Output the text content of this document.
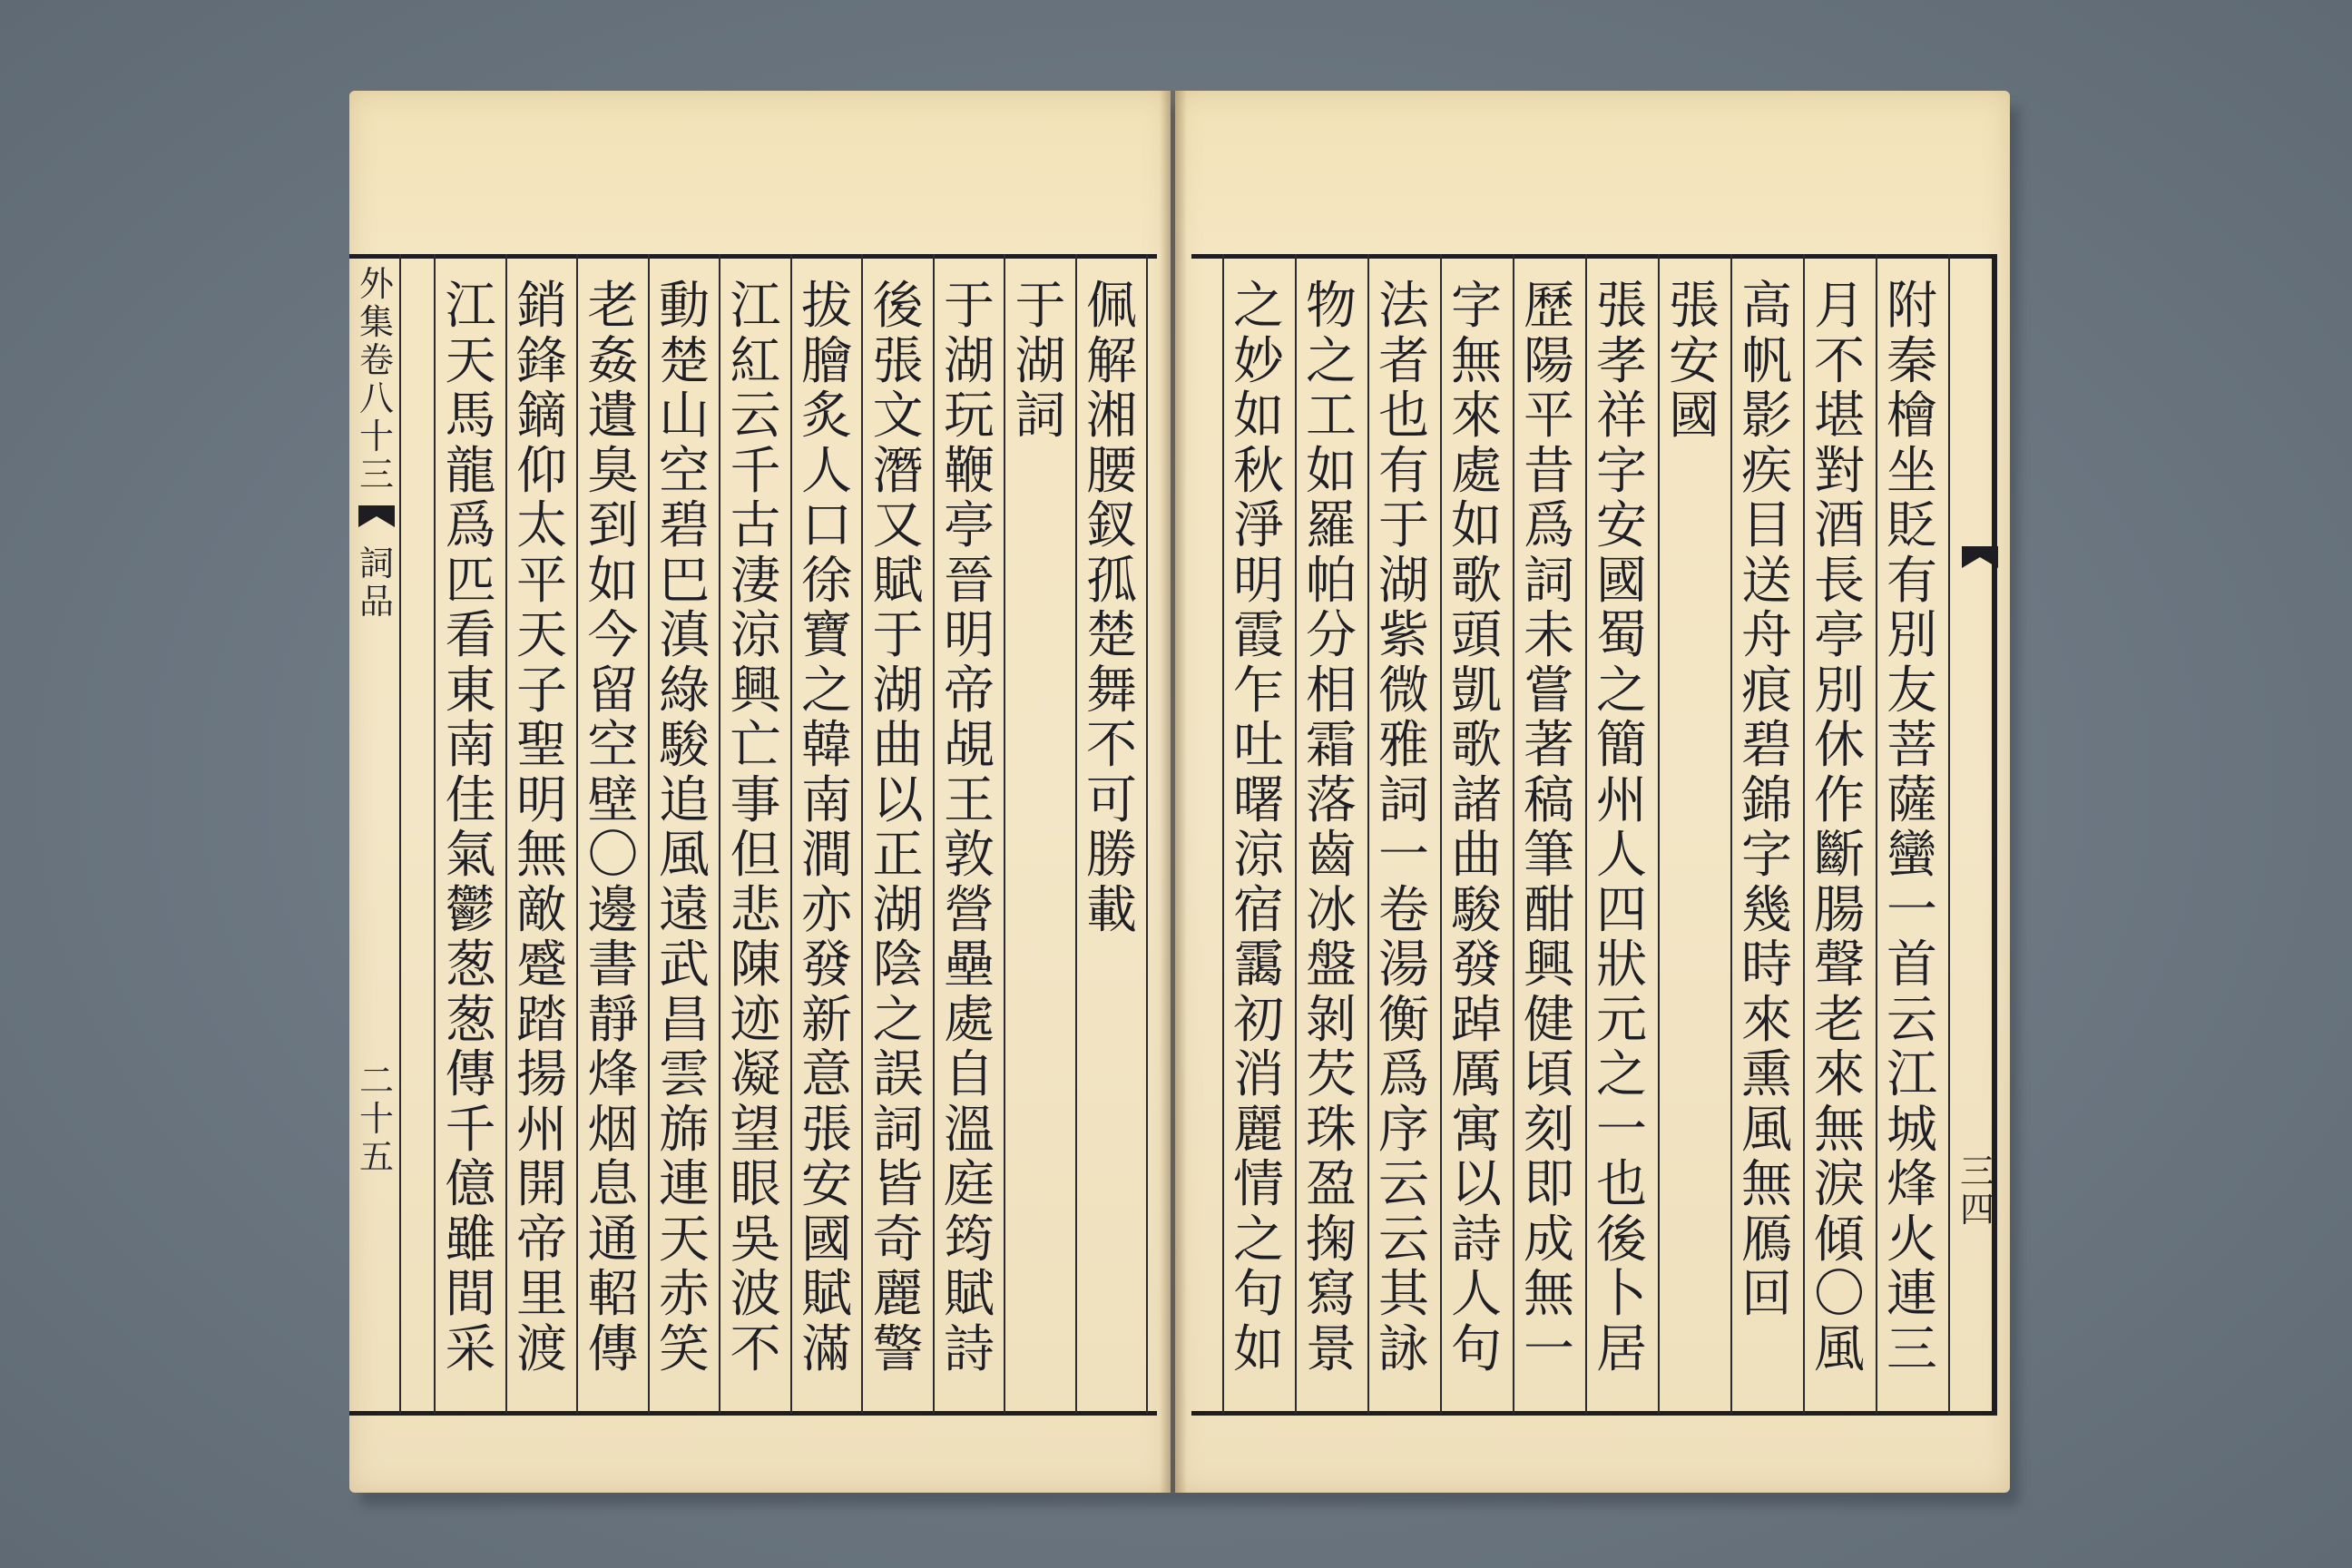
外
集
卷
八
十
三
詞
品
二
十
五
佩
解
湘
腰
釵
孤
楚
舞
不
可
勝
載
于
湖
詞
于
湖
玩
鞭
亭
晉
明
帝
覘
王
敦
營
壘
處
自
溫
庭
筠
賦
詩
後
張
文
潛
又
賦
于
湖
曲
以
正
湖
陰
之
誤
詞
皆
奇
麗
警
拔
膾
炙
人
口
徐
寶
之
韓
南
澗
亦
發
新
意
張
安
國
賦
滿
江
紅
云
千
古
淒
涼
興
亡
事
但
悲
陳
迹
凝
望
眼
吳
波
不
動
楚
山
空
碧
巴
滇
綠
駿
追
風
遠
武
昌
雲
旆
連
天
赤
笑
老
姦
遺
臭
到
如
今
留
空
壁
〇
邊
書
靜
烽
烟
息
通
軺
傳
銷
鋒
鏑
仰
太
平
天
子
聖
明
無
敵
蹙
踏
揚
州
開
帝
里
渡
江
天
馬
龍
爲
匹
看
東
南
佳
氣
鬱
葱
葱
傳
千
億
雖
間
采
附
秦
檜
坐
貶
有
別
友
菩
薩
蠻
一
首
云
江
城
烽
火
連
三
月
不
堪
對
酒
長
亭
別
休
作
斷
腸
聲
老
來
無
淚
傾
〇
風
高
帆
影
疾
目
送
舟
痕
碧
錦
字
幾
時
來
熏
風
無
鴈
回
張
安
國
張
孝
祥
字
安
國
蜀
之
簡
州
人
四
狀
元
之
一
也
後
卜
居
歷
陽
平
昔
爲
詞
未
嘗
著
稿
筆
酣
興
健
頃
刻
即
成
無
一
字
無
來
處
如
歌
頭
凱
歌
諸
曲
駿
發
踔
厲
寓
以
詩
人
句
法
者
也
有
于
湖
紫
微
雅
詞
一
卷
湯
衡
爲
序
云
云
其
詠
物
之
工
如
羅
帕
分
相
霜
落
齒
冰
盤
剝
芡
珠
盈
掬
寫
景
之
妙
如
秋
淨
明
霞
乍
吐
曙
涼
宿
靄
初
消
麗
情
之
句
如
三
四
